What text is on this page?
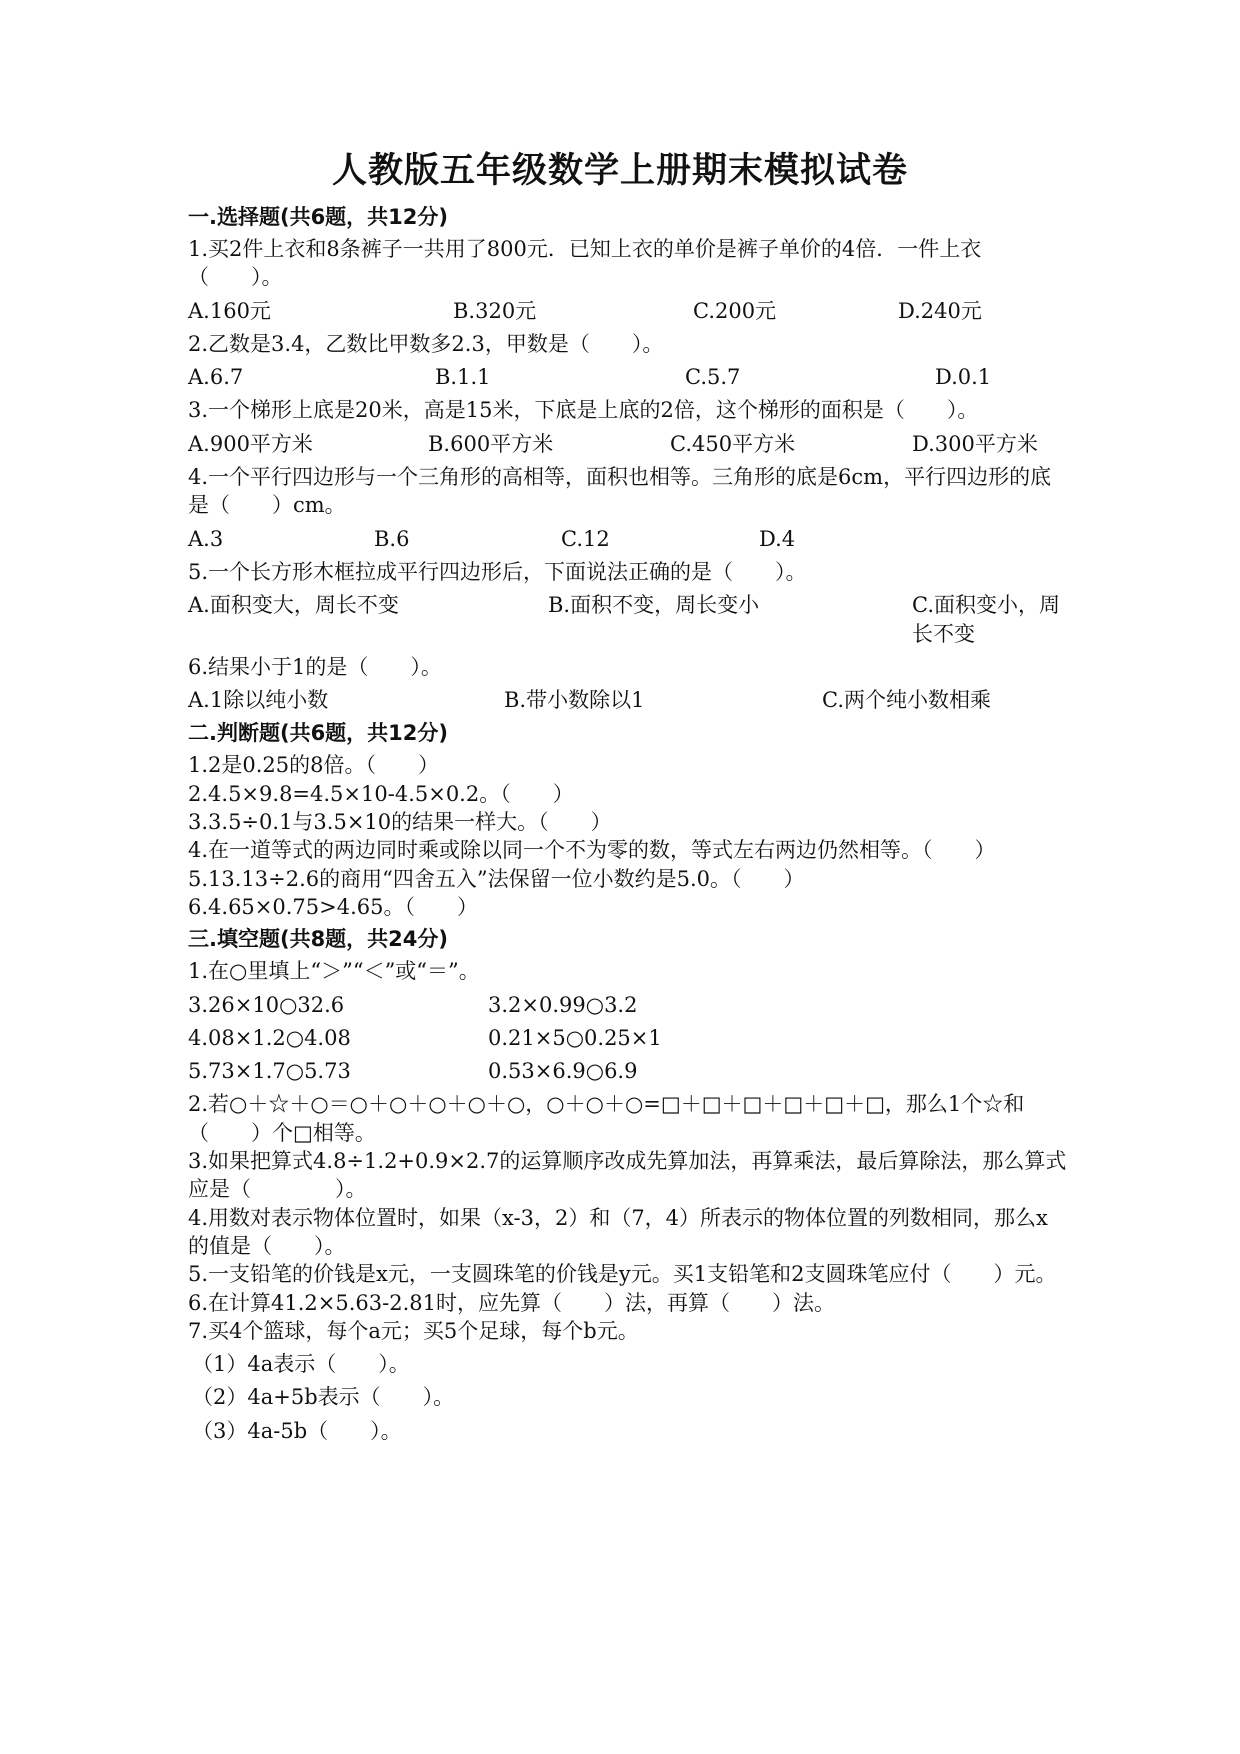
人教版五年级数学上册期末模拟试卷
一.选择题(共6题，共12分)
1.买2件上衣和8条裤子一共用了800元．已知上衣的单价是裤子单价的4倍．一件上衣（　　）。
A.160元	B.320元	C.200元	D.240元
2.乙数是3.4，乙数比甲数多2.3，甲数是（　　）。
A.6.7	B.1.1	C.5.7	D.0.1
3.一个梯形上底是20米，高是15米，下底是上底的2倍，这个梯形的面积是（　　）。
A.900平方米	B.600平方米	C.450平方米	D.300平方米
4.一个平行四边形与一个三角形的高相等，面积也相等。三角形的底是6cm，平行四边形的底是（　　）cm。
A.3	B.6	C.12	D.4
5.一个长方形木框拉成平行四边形后，下面说法正确的是（　　）。
A.面积变大，周长不变	B.面积不变，周长变小	C.面积变小，周长不变
6.结果小于1的是（　　）。
A.1除以纯小数	B.带小数除以1	C.两个纯小数相乘
二.判断题(共6题，共12分)
1.2是0.25的8倍。（　　）
2.4.5×9.8=4.5×10-4.5×0.2。（　　）
3.3.5÷0.1与3.5×10的结果一样大。（　　）
4.在一道等式的两边同时乘或除以同一个不为零的数，等式左右两边仍然相等。（　　）
5.13.13÷2.6的商用“四舍五入”法保留一位小数约是5.0。（　　）
6.4.65×0.75>4.65。（　　）
三.填空题(共8题，共24分)
1.在○里填上“＞”“＜”或“＝”。
3.26×10○32.6	3.2×0.99○3.2
4.08×1.2○4.08	0.21×5○0.25×1
5.73×1.7○5.73	0.53×6.9○6.9
2.若○＋☆＋○＝○＋○＋○＋○＋○，○＋○＋○=□＋□＋□＋□＋□＋□，那么1个☆和（　　）个□相等。
3.如果把算式4.8÷1.2+0.9×2.7的运算顺序改成先算加法，再算乘法，最后算除法，那么算式应是（　　　　）。
4.用数对表示物体位置时，如果（x-3，2）和（7，4）所表示的物体位置的列数相同，那么x的值是（　　）。
5.一支铅笔的价钱是x元，一支圆珠笔的价钱是y元。买1支铅笔和2支圆珠笔应付（　　）元。
6.在计算41.2×5.63-2.81时，应先算（　　）法，再算（　　）法。
7.买4个篮球，每个a元；买5个足球，每个b元。
（1）4a表示（　　）。
（2）4a+5b表示（　　）。
（3）4a-5b（　　）。
